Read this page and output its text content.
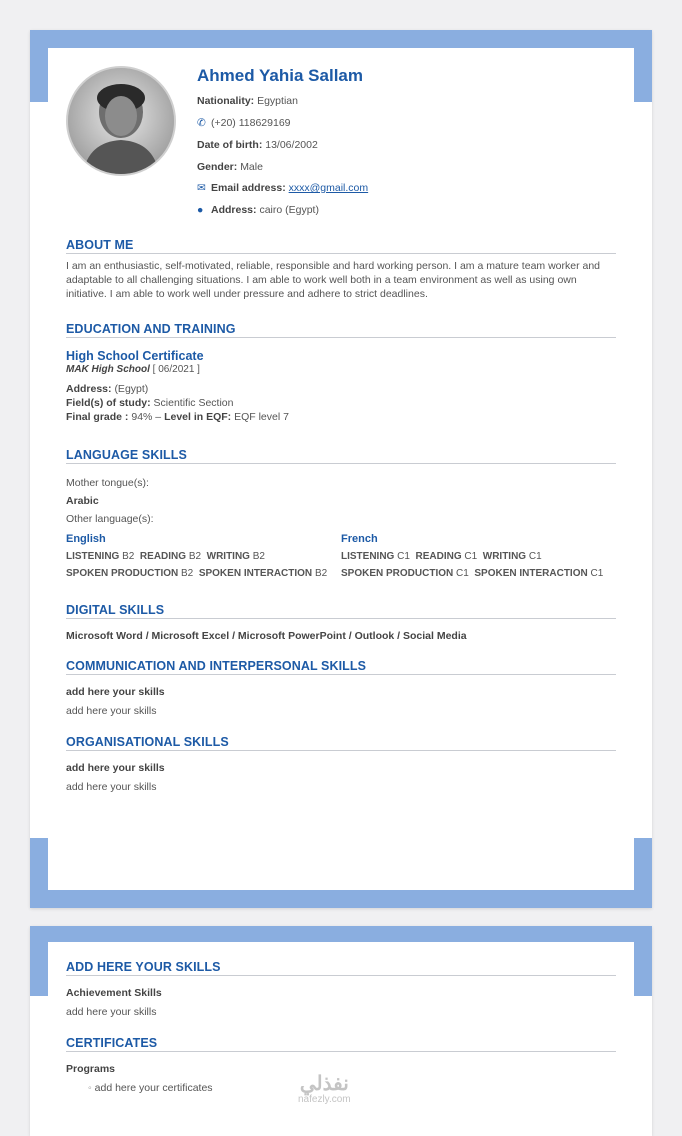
Ahmed Yahia Sallam
Nationality: Egyptian
✆ (+20) 118629169
Date of birth: 13/06/2002
Gender: Male
✉ Email address: xxxx@gmail.com
● Address: cairo (Egypt)
ABOUT ME
I am an enthusiastic, self-motivated, reliable, responsible and hard working person. I am a mature team worker and adaptable to all challenging situations. I am able to work well both in a team environment as well as using own initiative. I am able to work well under pressure and adhere to strict deadlines.
EDUCATION AND TRAINING
High School Certificate
MAK High School [ 06/2021 ]
Address: (Egypt)
Field(s) of study: Scientific Section
Final grade : 94% – Level in EQF: EQF level 7
LANGUAGE SKILLS
Mother tongue(s):
Arabic
Other language(s):
English
LISTENING B2 READING B2 WRITING B2
SPOKEN PRODUCTION B2 SPOKEN INTERACTION B2
French
LISTENING C1 READING C1 WRITING C1
SPOKEN PRODUCTION C1 SPOKEN INTERACTION C1
DIGITAL SKILLS
Microsoft Word / Microsoft Excel / Microsoft PowerPoint / Outlook / Social Media
COMMUNICATION AND INTERPERSONAL SKILLS
add here your skills
add here your skills
ORGANISATIONAL SKILLS
add here your skills
add here your skills
ADD HERE YOUR SKILLS
Achievement Skills
add here your skills
CERTIFICATES
Programs
◦ add here your certificates	نفذلي
nafezly.com
